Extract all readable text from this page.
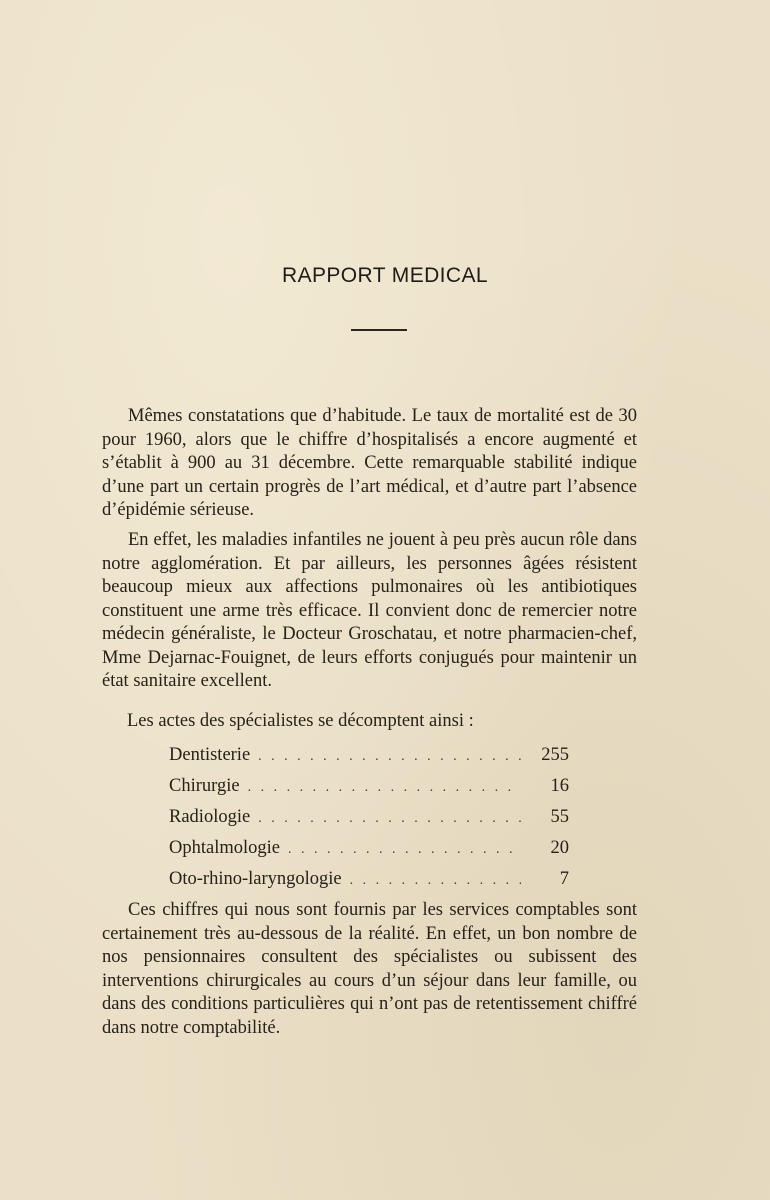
RAPPORT MEDICAL

Mêmes constatations que d’habitude. Le taux de mortalité est de 30 pour 1960, alors que le chiffre d’hospitalisés a encore augmenté et s’établit à 900 au 31 décembre. Cette remarquable stabilité indique d’une part un certain progrès de l’art médical, et d’autre part l’absence d’épidémie sérieuse.

En effet, les maladies infantiles ne jouent à peu près aucun rôle dans notre agglomération. Et par ailleurs, les personnes âgées résistent beaucoup mieux aux affections pulmonaires où les antibiotiques constituent une arme très efficace. Il convient donc de remercier notre médecin généraliste, le Docteur Groschatau, et notre pharmacien-chef, Mme Dejarnac-Fouignet, de leurs efforts conjugués pour maintenir un état sanitaire excellent.

Les actes des spécialistes se décomptent ainsi :
Dentisterie . . .	255
Chirurgie . . .	16
Radiologie . . .	55
Ophtalmologie . . .	20
Oto-rhino-laryngologie . . .	7

Ces chiffres qui nous sont fournis par les services comptables sont certainement très au-dessous de la réalité. En effet, un bon nombre de nos pensionnaires consultent des spécialistes ou subissent des interventions chirurgicales au cours d’un séjour dans leur famille, ou dans des conditions particulières qui n’ont pas de retentissement chiffré dans notre comptabilité.
